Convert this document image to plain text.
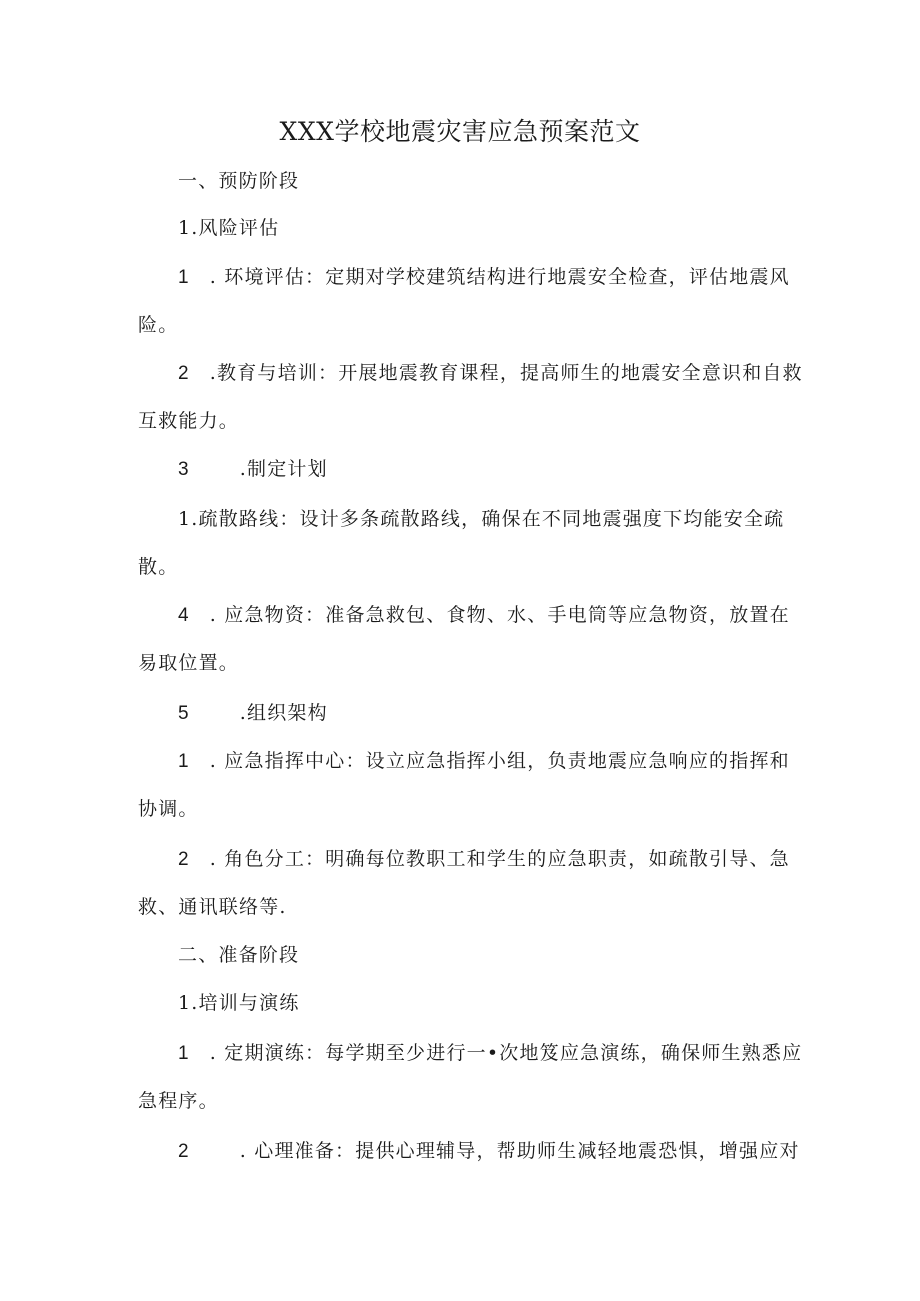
XXX学校地震灾害应急预案范文
一、预防阶段
1.风险评估
1 . 环境评估：定期对学校建筑结构进行地震安全检查，评估地震风
险。
2 .教育与培训：开展地震教育课程，提高师生的地震安全意识和自救
互救能力。
3	.制定计划
1.疏散路线：设计多条疏散路线，确保在不同地震强度下均能安全疏
散。
4 . 应急物资：准备急救包、食物、水、手电筒等应急物资，放置在
易取位置。
5	.组织架构
1 . 应急指挥中心：设立应急指挥小组，负责地震应急响应的指挥和
协调。
2 . 角色分工：明确每位教职工和学生的应急职责，如疏散引导、急
救、通讯联络等.
二、准备阶段
1.培训与演练
1 . 定期演练：每学期至少进行一•次地笈应急演练，确保师生熟悉应
急程序。
2	. 心理准备：提供心理辅导，帮助师生减轻地震恐惧，增强应对
